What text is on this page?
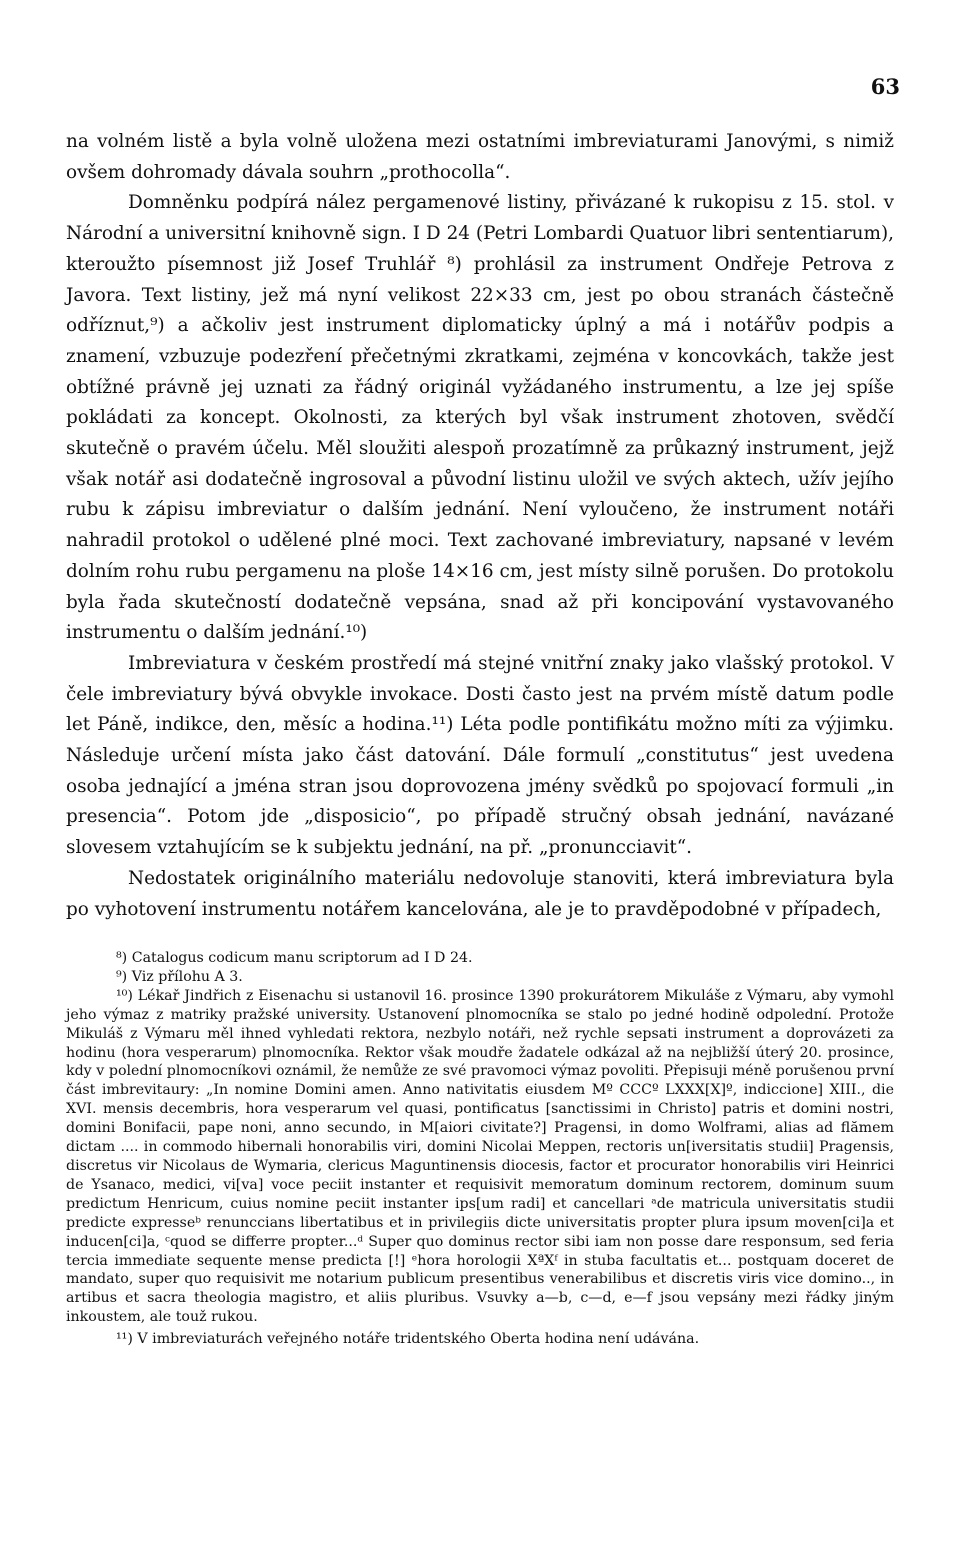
63

na volném listě a byla volně uložena mezi ostatními imbreviaturami Janovými, s nimiž ovšem dohromady dávala souhrn „prothocolla“.

Domněnku podpírá nález pergamenové listiny, přivázané k rukopisu z 15. stol. v Národní a universitní knihovně sign. I D 24 (Petri Lombardi Quatuor libri sententiarum), kteroužto písemnost již Josef Truhlář ⁸) prohlásil za instrument Ondřeje Petrova z Javora. Text listiny, jež má nyní velikost 22×33 cm, jest po obou stranách částečně odříznut,⁹) a ačkoliv jest instrument diplomaticky úplný a má i notářův podpis a znamení, vzbuzuje podezření přečetnými zkratkami, zejména v koncovkách, takže jest obtížné právně jej uznati za řádný originál vyžádaného instrumentu, a lze jej spíše pokládati za koncept. Okolnosti, za kterých byl však instrument zhotoven, svědčí skutečně o pravém účelu. Měl sloužiti alespoň prozatímně za průkazný instrument, jejž však notář asi dodatečně ingrosoval a původní listinu uložil ve svých aktech, užív jejího rubu k zápisu imbreviatur o dalším jednání. Není vyloučeno, že instrument notáři nahradil protokol o udělené plné moci. Text zachované imbreviatury, napsané v levém dolním rohu rubu pergamenu na ploše 14×16 cm, jest místy silně porušen. Do protokolu byla řada skutečností dodatečně vepsána, snad až při koncipování vystavovaného instrumentu o dalším jednání.¹⁰)

Imbreviatura v českém prostředí má stejné vnitřní znaky jako vlašský protokol. V čele imbreviatury bývá obvykle invokace. Dosti často jest na prvém místě datum podle let Páně, indikce, den, měsíc a hodina.¹¹) Léta podle pontifikátu možno míti za výjimku. Následuje určení místa jako část datování. Dále formulí „constitutus“ jest uvedena osoba jednající a jména stran jsou doprovozena jmény svědků po spojovací formuli „in presencia“. Potom jde „disposicio“, po případě stručný obsah jednání, navázané slovesem vztahujícím se k subjektu jednání, na př. „pronuncciavit“.

Nedostatek originálního materiálu nedovoluje stanoviti, která imbreviatura byla po vyhotovení instrumentu notářem kancelována, ale je to pravděpodobné v případech,

⁸) Catalogus codicum manu scriptorum ad I D 24.

⁹) Viz přílohu A 3.

¹⁰) Lékař Jindřich z Eisenachu si ustanovil 16. prosince 1390 prokurátorem Mikuláše z Výmaru, aby vymohl jeho výmaz z matriky pražské university. Ustanovení plnomocníka se stalo po jedné hodině odpolední. Protože Mikuláš z Výmaru měl ihned vyhledati rektora, nezbylo notáři, než rychle sepsati instrument a doprovázeti za hodinu (hora vesperarum) plnomocníka. Rektor však moudře žadatele odkázal až na nejbližší úterý 20. prosince, kdy v polední plnomocníkovi oznámil, že nemůže ze své pravomoci výmaz povoliti. Přepisuji méně porušenou první část imbrevitaury: „In nomine Domini amen. Anno nativitatis eiusdem Mº CCCº LXXX[X]º, indiccione] XIII., die XVI. mensis decembris, hora vesperarum vel quasi, pontificatus [sanctissimi in Christo] patris et domini nostri, domini Bonifacii, pape noni, anno secundo, in M[aiori civitate?] Pragensi, in domo Wolframi, alias ad flămem dictam .... in commodo hibernali honorabilis viri, domini Nicolai Meppen, rectoris un[iversitatis studii] Pragensis, discretus vir Nicolaus de Wymaria, clericus Maguntinensis diocesis, factor et procurator honorabilis viri Heinrici de Ysanaco, medici, vi[va] voce peciit instanter et requisivit memoratum dominum rectorem, dominum suum predictum Henricum, cuius nomine peciit instanter ips[um radi] et cancellari ᵃde matricula universitatis studii predicte expresseᵇ renunccians libertatibus et in privilegiis dicte universitatis propter plura ipsum moven[ci]a et inducen[ci]a, ᶜquod se differre propter...ᵈ Super quo dominus rector sibi iam non posse dare responsum, sed feria tercia immediate sequente mense predicta [!] ᵉhora horologii XªXᶠ in stuba facultatis et... postquam doceret de mandato, super quo requisivit me notarium publicum presentibus venerabilibus et discretis viris vice domino.., in artibus et sacra theologia magistro, et aliis pluribus. Vsuvky a—b, c—d, e—f jsou vepsány mezi řádky jiným inkoustem, ale touž rukou.

¹¹) V imbreviaturách veřejného notáře tridentského Oberta hodina není udávána.
